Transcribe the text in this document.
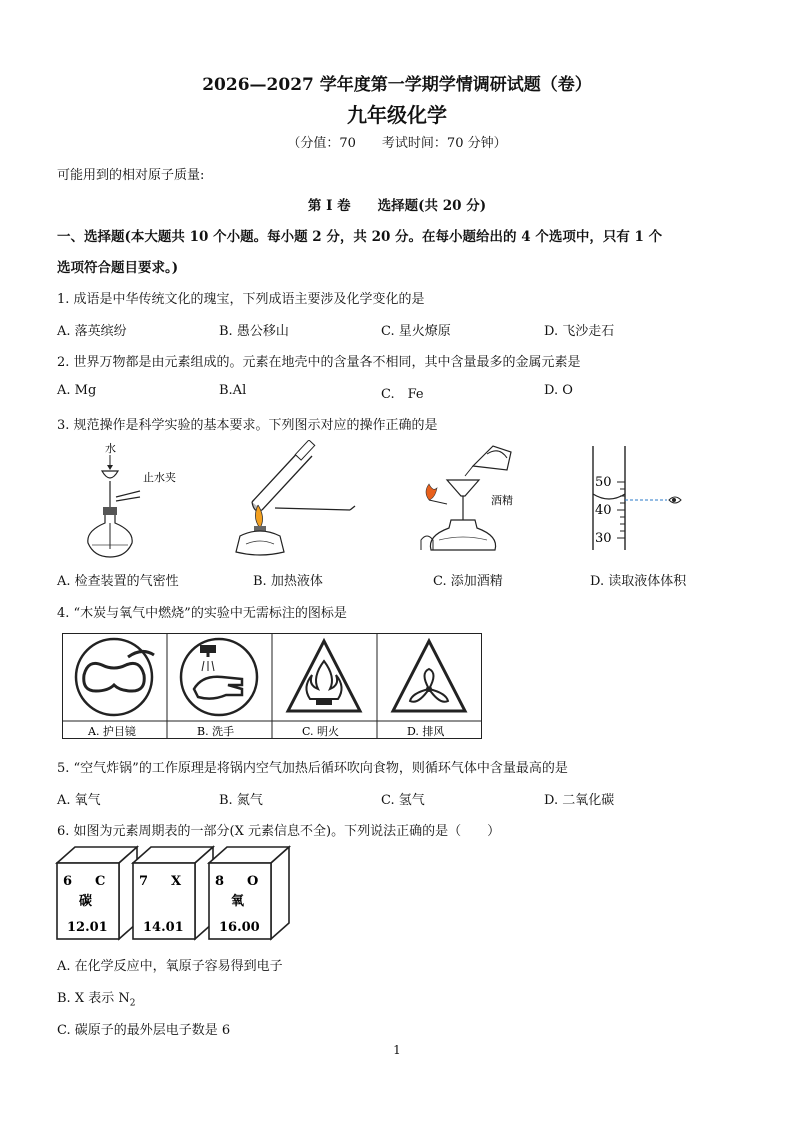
2026—2027 学年度第一学期学情调研试题（卷）
九年级化学
（分值：70　　考试时间：70 分钟）
可能用到的相对原子质量:
第 I 卷　　选择题(共 20 分)
一、选择题(本大题共 10 个小题。每小题 2 分，共 20 分。在每小题给出的 4 个选项中，只有 1 个
选项符合题目要求。)
1. 成语是中华传统文化的瑰宝，下列成语主要涉及化学变化的是
A. 落英缤纷	B. 愚公移山	C. 星火燎原	D. 飞沙走石
2. 世界万物都是由元素组成的。元素在地壳中的含量各不相同，其中含量最多的金属元素是
A. Mg	B.Al	C.　Fe	D. O
3. 规范操作是科学实验的基本要求。下列图示对应的操作正确的是
水
止水夹
酒精
50
40
30
A. 检查装置的气密性	B. 加热液体	C. 添加酒精	D. 读取液体体积
4. “木炭与氧气中燃烧”的实验中无需标注的图标是
A. 护目镜	B. 洗手	C. 明火	D. 排风
5. “空气炸锅”的工作原理是将锅内空气加热后循环吹向食物，则循环气体中含量最高的是
A. 氧气	B. 氮气	C. 氢气	D. 二氧化碳
6. 如图为元素周期表的一部分(X 元素信息不全)。下列说法正确的是（　　）
6 C
碳
12.01
7 X
14.01
8 O
氧
16.00
A. 在化学反应中，氧原子容易得到电子
B. X 表示 $N_2$
C. 碳原子的最外层电子数是 6
1
